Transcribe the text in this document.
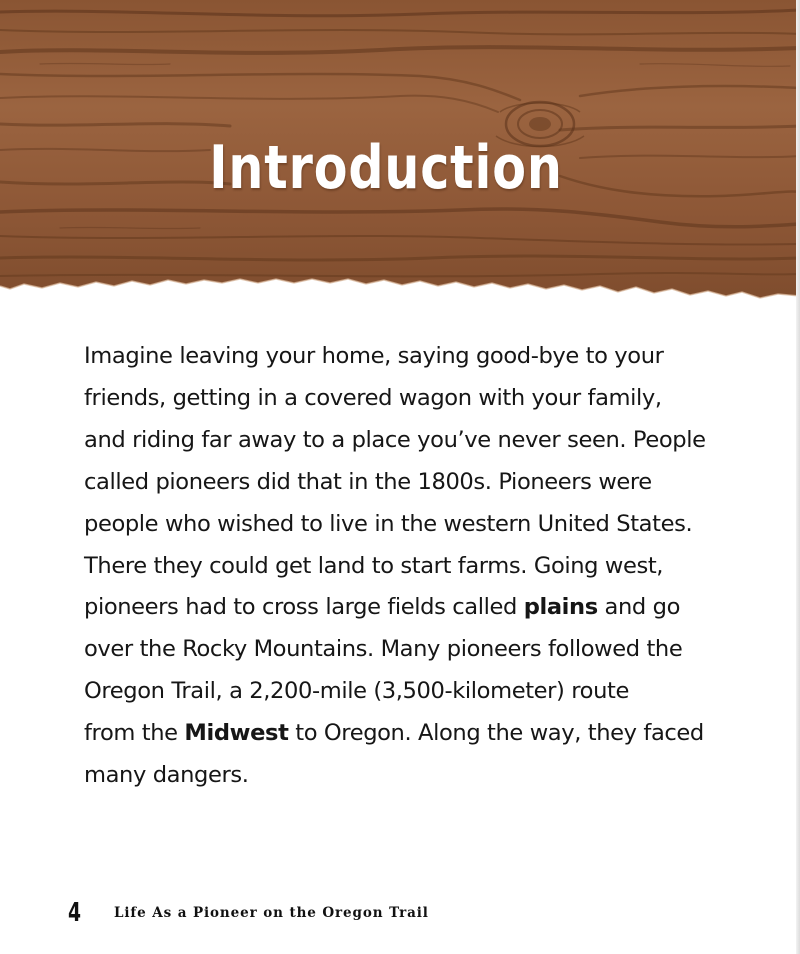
Introduction

Imagine leaving your home, saying good-bye to your
friends, getting in a covered wagon with your family,
and riding far away to a place you’ve never seen. People
called pioneers did that in the 1800s. Pioneers were
people who wished to live in the western United States.
There they could get land to start farms. Going west,
pioneers had to cross large fields called plains and go
over the Rocky Mountains. Many pioneers followed the
Oregon Trail, a 2,200-mile (3,500-kilometer) route
from the Midwest to Oregon. Along the way, they faced
many dangers.

4 Life As a Pioneer on the Oregon Trail
